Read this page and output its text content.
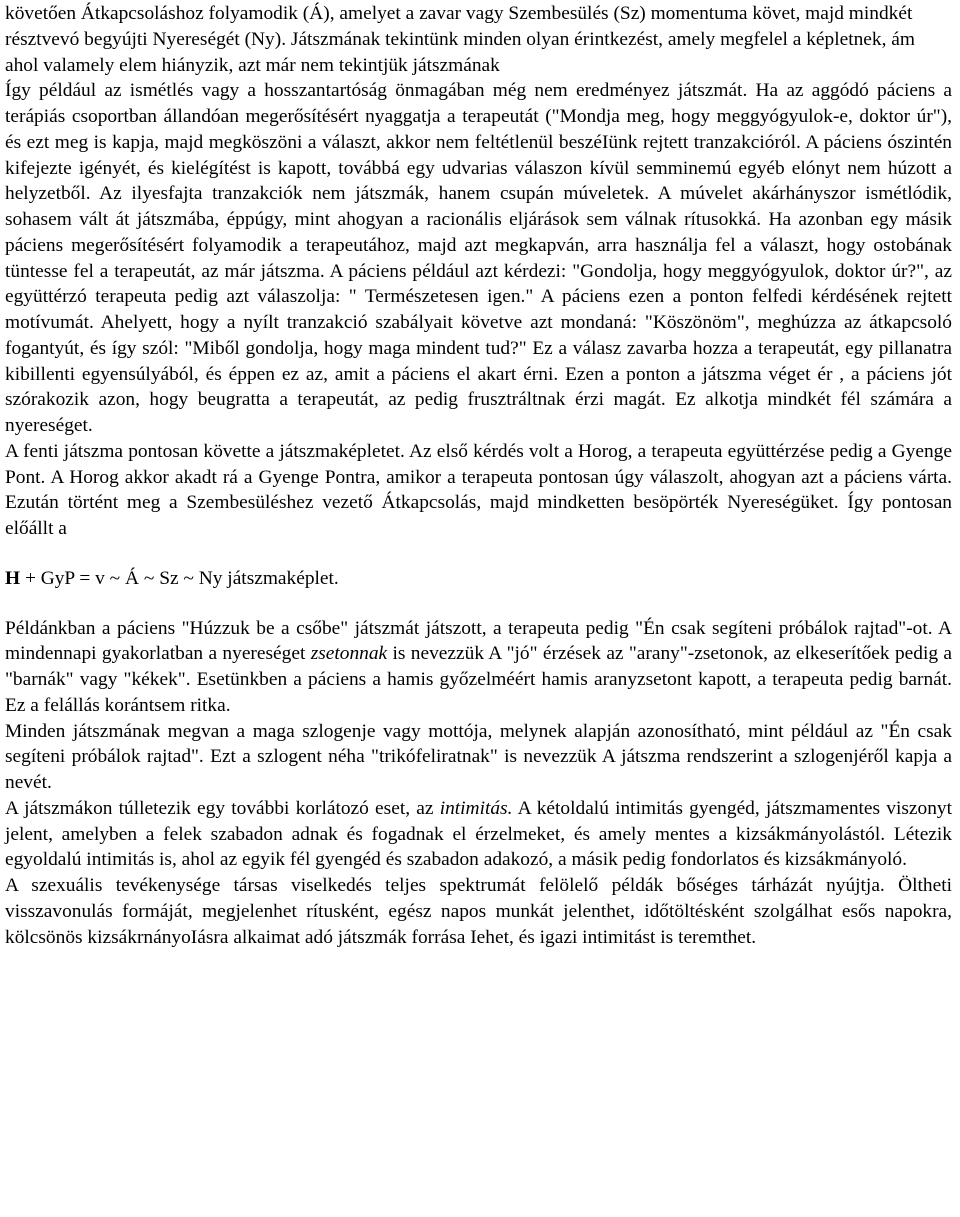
követően Átkapcsoláshoz folyamodik (Á), amelyet a zavar vagy Szembesülés (Sz) momentuma követ, majd mindkét résztvevó begyújti Nyereségét (Ny). Játszmának tekintünk minden olyan érintkezést, amely megfelel a képletnek, ám ahol valamely elem hiányzik, azt már nem tekintjük játszmának

Így például az ismétlés vagy a hosszantartóság önmagában még nem eredményez játszmát. Ha az aggódó páciens a terápiás csoportban állandóan megerősítésért nyaggatja a terapeutát ("Mondja meg, hogy meggyógyulok-e, doktor úr"), és ezt meg is kapja, majd megköszöni a választ, akkor nem feltétlenül beszéIünk rejtett tranzakcióról. A páciens ószintén kifejezte igényét, és kielégítést is kapott, továbbá egy udvarias válaszon kívül semminemú egyéb elónyt nem húzott a helyzetből. Az ilyesfajta tranzakciók nem játszmák, hanem csupán múveletek. A múvelet akárhányszor ismétlódik, sohasem vált át játszmába, éppúgy, mint ahogyan a racionális eljárások sem válnak rítusokká. Ha azonban egy másik páciens megerősítésért folyamodik a terapeutához, majd azt megkapván, arra használja fel a választ, hogy ostobának tüntesse fel a terapeutát, az már játszma. A páciens például azt kérdezi: "Gondolja, hogy meggyógyulok, doktor úr?", az együttérzó terapeuta pedig azt válaszolja: " Természetesen igen." A páciens ezen a ponton felfedi kérdésének rejtett motívumát. Ahelyett, hogy a nyílt tranzakció szabályait követve azt mondaná: "Köszönöm", meghúzza az átkapcsoló fogantyút, és így szól: "Miből gondolja, hogy maga mindent tud?" Ez a válasz zavarba hozza a terapeutát, egy pillanatra kibillenti egyensúlyából, és éppen ez az, amit a páciens el akart érni. Ezen a ponton a játszma véget ér , a páciens jót szórakozik azon, hogy beugratta a terapeutát, az pedig frusztráltnak érzi magát. Ez alkotja mindkét fél számára a nyereséget.

A fenti játszma pontosan követte a játszmaképletet. Az első kérdés volt a Horog, a terapeuta együttérzése pedig a Gyenge Pont. A Horog akkor akadt rá a Gyenge Pontra, amikor a terapeuta pontosan úgy válaszolt, ahogyan azt a páciens várta. Ezután történt meg a Szembesüléshez vezető Átkapcsolás, majd mindketten besöpörték Nyereségüket. Így pontosan előállt a

H + GyP = v ~ Á ~ Sz ~ Ny játszmaképlet.

Példánkban a páciens "Húzzuk be a csőbe" játszmát játszott, a terapeuta pedig "Én csak segíteni próbálok rajtad"-ot. A mindennapi gyakorlatban a nyereséget zsetonnak is nevezzük A "jó" érzések az "arany"-zsetonok, az elkeserítőek pedig a "barnák" vagy "kékek". Esetünkben a páciens a hamis győzelméért hamis aranyzsetont kapott, a terapeuta pedig barnát. Ez a felállás korántsem ritka.

Minden játszmának megvan a maga szlogenje vagy mottója, melynek alapján azonosítható, mint például az "Én csak segíteni próbálok rajtad". Ezt a szlogent néha "trikófeliratnak" is nevezzük A játszma rendszerint a szlogenjéről kapja a nevét.

A játszmákon túlletezik egy további korlátozó eset, az intimitás. A kétoldalú intimitás gyengéd, játszmamentes viszonyt jelent, amelyben a felek szabadon adnak és fogadnak el érzelmeket, és amely mentes a kizsákmányolástól. Létezik egyoldalú intimitás is, ahol az egyik fél gyengéd és szabadon adakozó, a másik pedig fondorlatos és kizsákmányoló.

A szexuális tevékenysége társas viselkedés teljes spektrumát felölelő példák bőséges tárházát nyújtja. Öltheti visszavonulás formáját, megjelenhet rítusként, egész napos munkát jelenthet, időtöltésként szolgálhat esős napokra, kölcsönös kizsákrnányoIásra alkaimat adó játszmák forrása Iehet, és igazi intimitást is teremthet.
